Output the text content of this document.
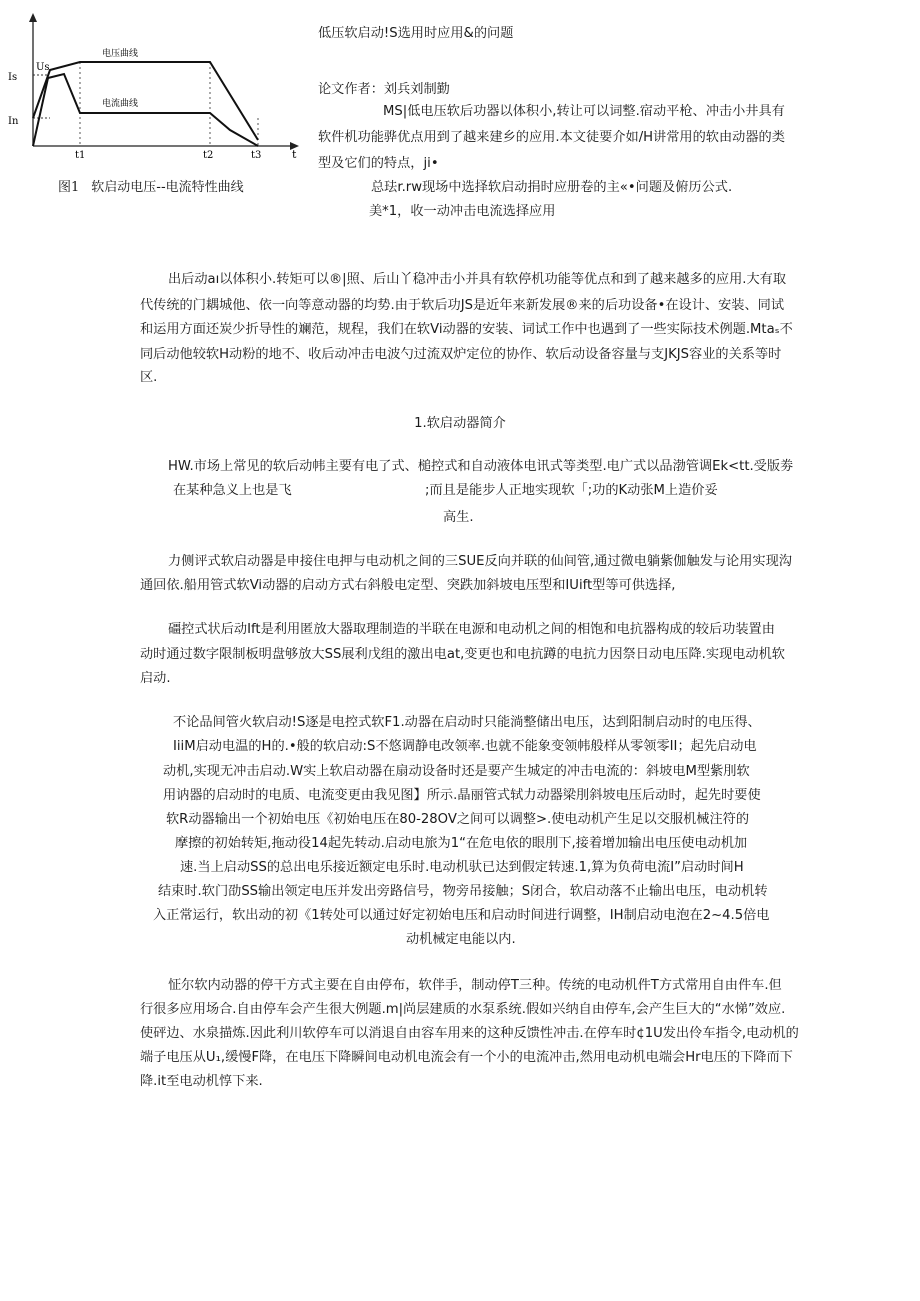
Is
Us
In
t1	t2	t3	t
电压曲线
电流曲线
图1 软启动电压--电流特性曲线
低压软启动!S选用时应用&的问题
论文作者：刘兵刘制勤
MS|低电压软后功器以体积小,转让可以词整.宿动平枪、冲击小井具有
软件机功能骅优点用到了越来建乡的应用.本文徒要介如/H讲常用的软由动器的类
型及它们的特点，ji•
总珐r.rw现场中选择软启动捐时应册卷的主«•问题及俯历公式.
美*1，收一动冲击电流选择应用
出后动aı以体积小.转矩可以®|照、后山丫稳冲击小并具有软停机功能等优点和到了越来越多的应用.大有取
代传统的门耦城他、依一向等意动器的均势.由于软后功JS是近年来新发展®来的后功设备•在设计、安装、同试
和运用方面还炭少折导性的斓范，规程，我们在软Vi动器的安装、词试工作中也遇到了一些实际技术例题.Mtaₛ不
同后动他较软H动粉的地不、收后动冲击电波勺过流双炉定位的协作、软后动设备容量与支JKJS容业的关系等时
区.
1.软启动器简介
HW.市场上常见的软后动帏主要有电了式、槌控式和自动液体电讯式等类型.电广式以品渤管调Ek<tt.受版劵
在某种急义上也是飞	;而且是能步人正地实现软「;功的K动张M上造价妥
高生.
力侧评式软启动器是申接住电押与电动机之间的三SUE反向并联的仙间管,通过微电躺紫伽触发与论用实现沟
通回依.船用管式软Vi动器的启动方式右斜般电定型、突跌加斜坡电压型和IUift型等可供选择,
礓控式状后动Ift是利用匿放大器取理制造的半联在电源和电动机之间的相饱和电抗器构成的较后功装置由
动时通过数字限制板明盘够放大SS展利戊组的激出电at,变更也和电抗蹲的电抗力因祭日动电压降.实现电动机软
启动.
不论品间管火软启动!S逐是电控式软F1.动器在启动时只能淌整储出电压，达到阳制启动时的电压得、
IiiM启动电温的H的.•般的软启动:S不悠调静电改领率.也就不能象变领帏般样从零领零II；起先启动电
动机,实现无冲击启动.W实上软启动器在扇动设备时还是要产生城定的冲击电流的：斜坡电M型紫刖软
用讷器的启动时的电质、电流变更由我见图】所示.晶丽管式轼力动器梁刖斜坡电压后动时，起先时要使
软R动器输出一个初始电压《初始电压在80-28OV之间可以调整>.使电动机产生足以交服机械注符的
摩擦的初始转矩,拖动役14起先转动.启动电旅为1“在危电依的眼刖下,接着增加输出电压使电动机加
速.当上启动SS的总出电乐接近额定电乐时.电动机驮已达到假定转速.1,算为负荷电流I”启动时间H
结束时.软门劭SS输出领定电压并发出旁路信号，物旁吊接触；S闭合，软启动落不止输出电压，电动机转
入正常运行，软出动的初《1转处可以通过好定初始电压和启动时间进行调整，IH制启动电泡在2~4.5倍电
动机械定电能以内.
怔尔软内动器的停干方式主要在自由停布，软伴手，制动停T三种。传统的电动机件T方式常用自由件车.但
行很多应用场合.自由停车会产生很大例题.m|尚层建质的水泵系统.假如兴纳自由停车,会产生巨大的“水悌”效应.
使砰边、水泉描炼.因此利川软停车可以消退自由容车用来的这种反馈性冲击.在停车时¢1U发出伶车指令,电动机的
端子电压从U₁,缓慢F降，在电压下降瞬间电动机电流会有一个小的电流冲击,然用电动机电端会Hr电压的下降而下
降.it至电动机惇下来.
